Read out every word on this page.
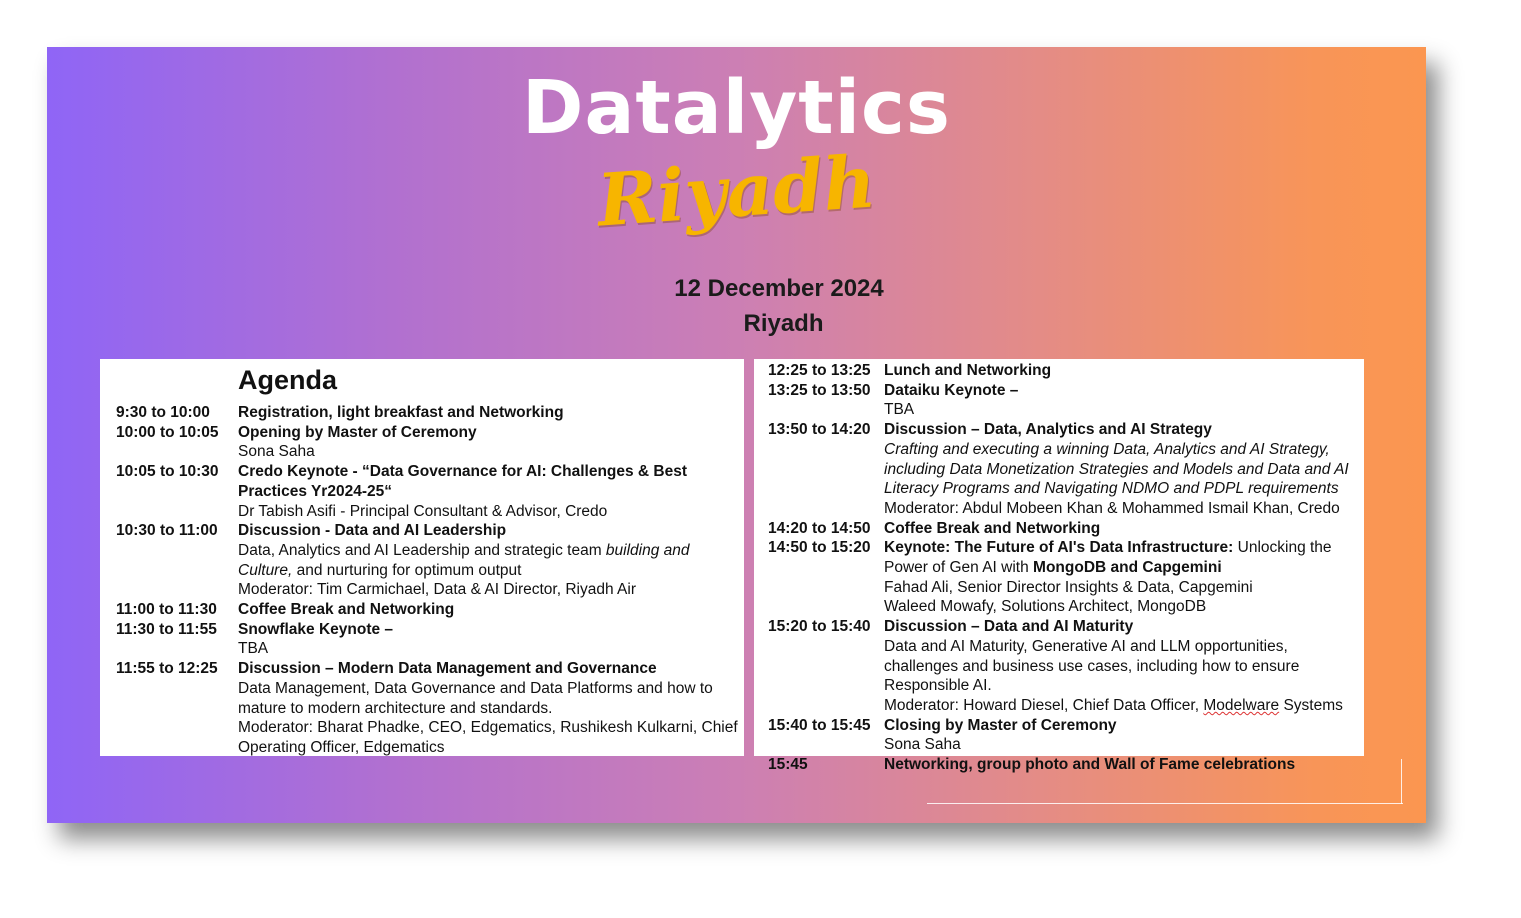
Datalytics
Riyadh
12 December 2024
Riyadh
Agenda
9:30 to 10:00	Registration, light breakfast and Networking
10:00 to 10:05	Opening by Master of Ceremony
Sona Saha
10:05 to 10:30	Credo Keynote - “Data Governance for AI: Challenges & Best Practices Yr2024-25“
Dr Tabish Asifi - Principal Consultant & Advisor, Credo
10:30 to 11:00	Discussion - Data and AI Leadership
Data, Analytics and AI Leadership and strategic team building and Culture, and nurturing for optimum output
Moderator: Tim Carmichael, Data & AI Director, Riyadh Air
11:00 to 11:30	Coffee Break and Networking
11:30 to 11:55	Snowflake Keynote –
TBA
11:55 to 12:25	Discussion – Modern Data Management and Governance
Data Management, Data Governance and Data Platforms and how to mature to modern architecture and standards.
Moderator: Bharat Phadke, CEO, Edgematics, Rushikesh Kulkarni, Chief Operating Officer, Edgematics
12:25 to 13:25 Lunch and Networking
13:25 to 13:50 Dataiku Keynote –
TBA
13:50 to 14:20 Discussion – Data, Analytics and AI Strategy
Crafting and executing a winning Data, Analytics and AI Strategy, including Data Monetization Strategies and Models and Data and AI Literacy Programs and Navigating NDMO and PDPL requirements
Moderator: Abdul Mobeen Khan & Mohammed Ismail Khan, Credo
14:20 to 14:50 Coffee Break and Networking
14:50 to 15:20 Keynote: The Future of AI's Data Infrastructure: Unlocking the Power of Gen AI with MongoDB and Capgemini
Fahad Ali, Senior Director Insights & Data, Capgemini
Waleed Mowafy, Solutions Architect, MongoDB
15:20 to 15:40 Discussion – Data and AI Maturity
Data and AI Maturity, Generative AI and LLM opportunities, challenges and business use cases, including how to ensure Responsible AI.
Moderator: Howard Diesel, Chief Data Officer, Modelware Systems
15:40 to 15:45 Closing by Master of Ceremony
Sona Saha
15:45	Networking, group photo and Wall of Fame celebrations
